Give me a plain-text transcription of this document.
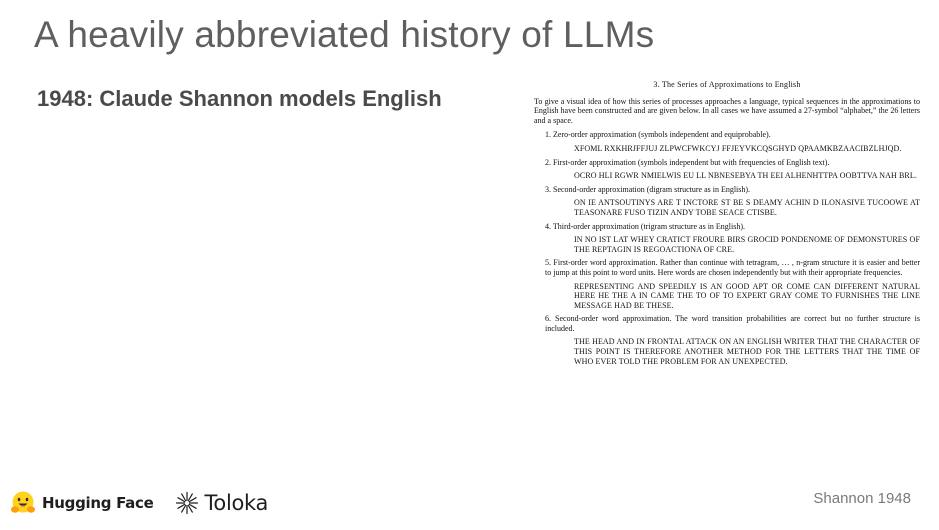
A heavily abbreviated history of LLMs
1948: Claude Shannon models English
3. The Series of Approximations to English
To give a visual idea of how this series of processes approaches a language, typical sequences in the approximations to English have been constructed and are given below. In all cases we have assumed a 27-symbol “alphabet,” the 26 letters and a space.
1. Zero-order approximation (symbols independent and equiprobable).
XFOML RXKHRJFFJUJ ZLPWCFWKCYJ FFJEYVKCQSGHYD QPAAMKBZAACIBZLHJQD.
2. First-order approximation (symbols independent but with frequencies of English text).
OCRO HLI RGWR NMIELWIS EU LL NBNESEBYA TH EEI ALHENHTTPA OOBTTVA NAH BRL.
3. Second-order approximation (digram structure as in English).
ON IE ANTSOUTINYS ARE T INCTORE ST BE S DEAMY ACHIN D ILONASIVE TUCOOWE AT TEASONARE FUSO TIZIN ANDY TOBE SEACE CTISBE.
4. Third-order approximation (trigram structure as in English).
IN NO IST LAT WHEY CRATICT FROURE BIRS GROCID PONDENOME OF DEMONSTURES OF THE REPTAGIN IS REGOACTIONA OF CRE.
5. First-order word approximation. Rather than continue with tetragram, … , n-gram structure it is easier and better to jump at this point to word units. Here words are chosen independently but with their appropriate frequencies.
REPRESENTING AND SPEEDILY IS AN GOOD APT OR COME CAN DIFFERENT NATURAL HERE HE THE A IN CAME THE TO OF TO EXPERT GRAY COME TO FURNISHES THE LINE MESSAGE HAD BE THESE.
6. Second-order word approximation. The word transition probabilities are correct but no further structure is included.
THE HEAD AND IN FRONTAL ATTACK ON AN ENGLISH WRITER THAT THE CHARACTER OF THIS POINT IS THEREFORE ANOTHER METHOD FOR THE LETTERS THAT THE TIME OF WHO EVER TOLD THE PROBLEM FOR AN UNEXPECTED.
Hugging Face Toloka	Shannon 1948
